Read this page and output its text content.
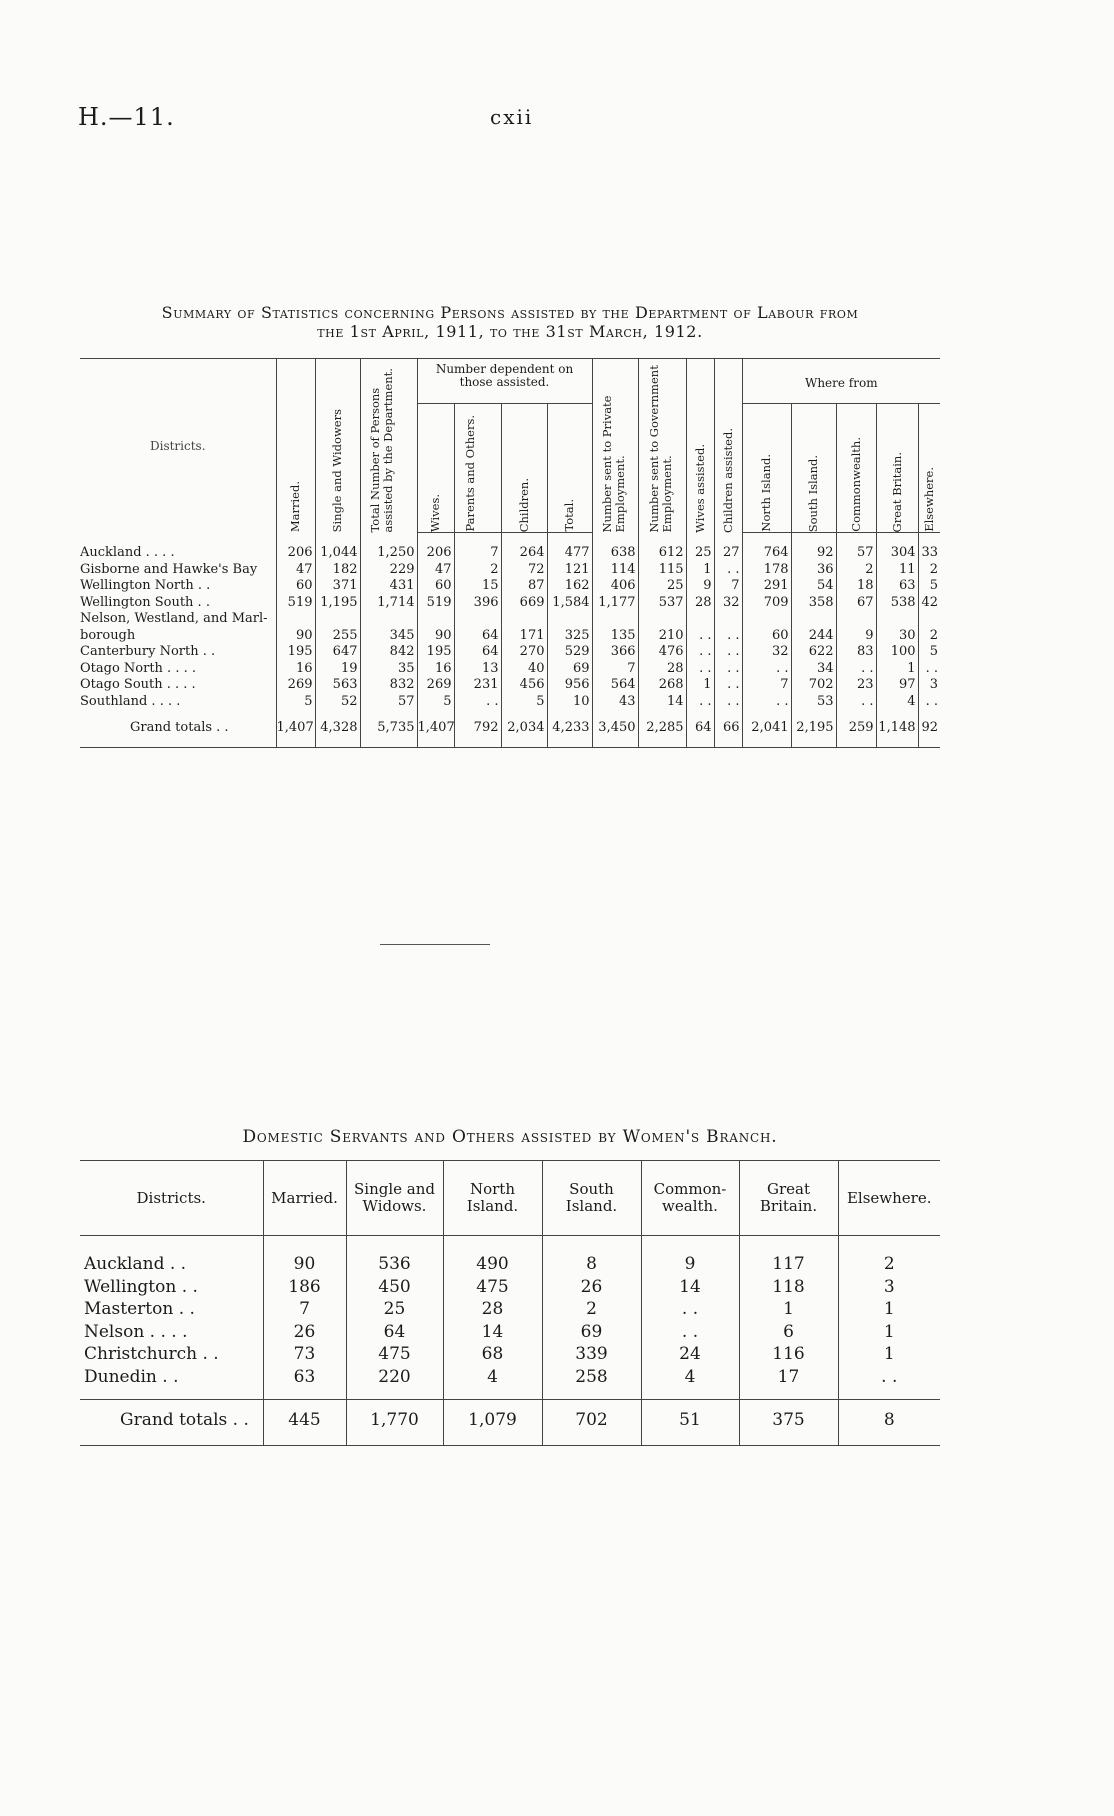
H.—11.	cxii
Summary of Statistics concerning Persons assisted by the Department of Labour from
the 1st April, 1911, to the 31st March, 1912.
Districts.	Married.	Single and Widowers	Total Number of Persons assisted by the Department.	Number dependent on those assisted.				Number sent to Private Employment.	Number sent to Government Employment.	Wives assisted.	Children assisted.	Where from				

				Wives.	Parents and Others.	Children.	Total.					North Island.	South Island.	Commonwealth.	Great Britain.	Elsewhere.

Auckland . . . .	206	1,044	1,250	206	7	264	477	638	612	25	27	764	92	57	304	33

Gisborne and Hawke's Bay	47	182	229	47	2	72	121	114	115	1	. .	178	36	2	11	2

Wellington North . .	60	371	431	60	15	87	162	406	25	9	7	291	54	18	63	5

Wellington South . .	519	1,195	1,714	519	396	669	1,584	1,177	537	28	32	709	358	67	538	42

Nelson, Westland, and Marl-
borough	90	255	345	90	64	171	325	135	210	. .	. .	60	244	9	30	2

Canterbury North . .	195	647	842	195	64	270	529	366	476	. .	. .	32	622	83	100	5

Otago North . . . .	16	19	35	16	13	40	69	7	28	. .	. .	. .	34	. .	1	. .

Otago South . . . .	269	563	832	269	231	456	956	564	268	1	. .	7	702	23	97	3

Southland . . . .	5	52	57	5	. .	5	10	43	14	. .	. .	. .	53	. .	4	. .
Grand totals . .	1,407	4,328	5,735	1,407	792	2,034	4,233	3,450	2,285	64	66	2,041	2,195	259	1,148	92
Domestic Servants and Others assisted by Women's Branch.
Districts.	Married.	Single and Widows.	North Island.	South Island.	Common-wealth.	Great Britain.	Elsewhere.
Auckland . .	90	536	490	8	9	117	2
Wellington . .	186	450	475	26	14	118	3
Masterton . .	7	25	28	2	. .	1	1
Nelson . . . .	26	64	14	69	. .	6	1
Christchurch . .	73	475	68	339	24	116	1
Dunedin . .	63	220	4	258	4	17	. .
Grand totals . .	445	1,770	1,079	702	51	375	8
